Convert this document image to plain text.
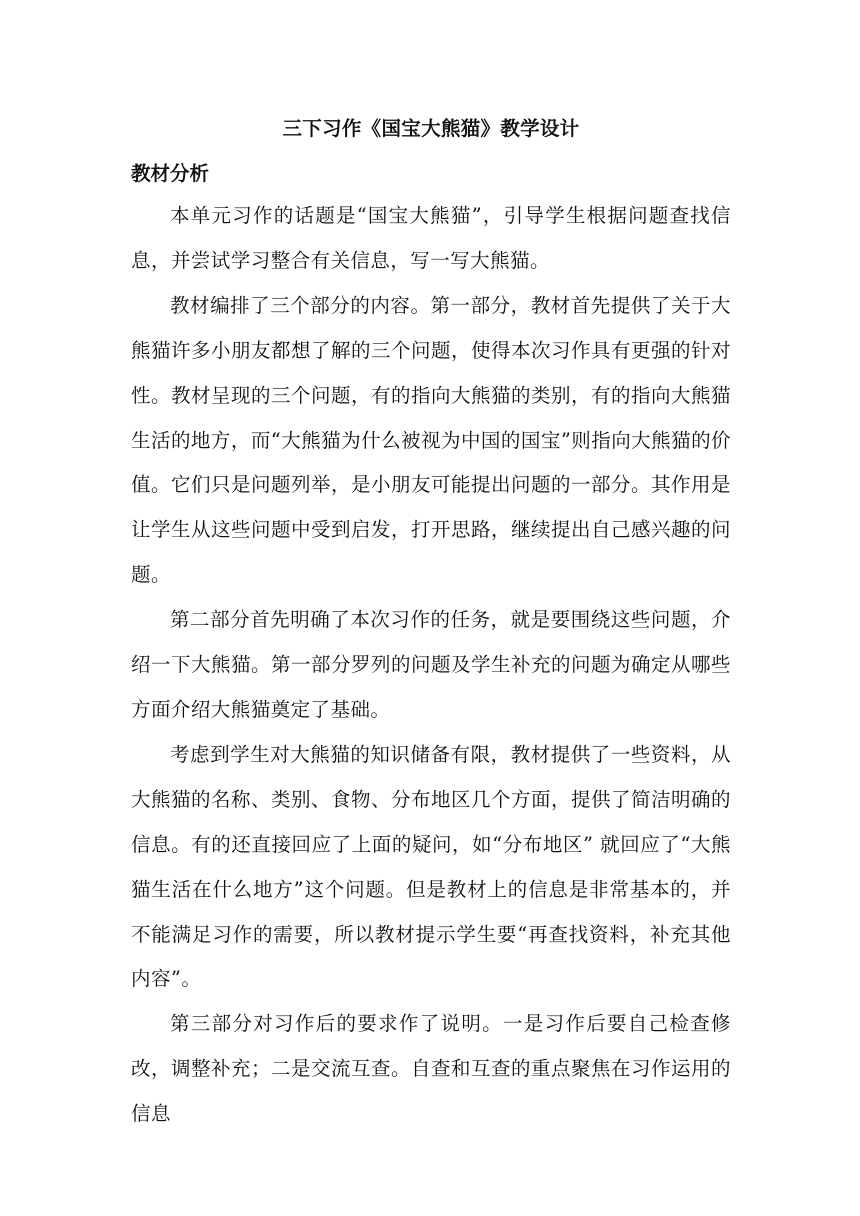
三下习作《国宝大熊猫》教学设计
教材分析

本单元习作的话题是“国宝大熊猫”，引导学生根据问题查找信息，并尝试学习整合有关信息，写一写大熊猫。

教材编排了三个部分的内容。第一部分，教材首先提供了关于大熊猫许多小朋友都想了解的三个问题，使得本次习作具有更强的针对性。教材呈现的三个问题，有的指向大熊猫的类别，有的指向大熊猫生活的地方，而“大熊猫为什么被视为中国的国宝”则指向大熊猫的价值。它们只是问题列举，是小朋友可能提出问题的一部分。其作用是让学生从这些问题中受到启发，打开思路，继续提出自己感兴趣的问题。

第二部分首先明确了本次习作的任务，就是要围绕这些问题，介绍一下大熊猫。第一部分罗列的问题及学生补充的问题为确定从哪些方面介绍大熊猫奠定了基础。

考虑到学生对大熊猫的知识储备有限，教材提供了一些资料，从大熊猫的名称、类别、食物、分布地区几个方面，提供了简洁明确的信息。有的还直接回应了上面的疑问，如“分布地区” 就回应了“大熊猫生活在什么地方”这个问题。但是教材上的信息是非常基本的，并不能满足习作的需要，所以教材提示学生要“再查找资料，补充其他内容”。

第三部分对习作后的要求作了说明。一是习作后要自己检查修改，调整补充；二是交流互查。自查和互查的重点聚焦在习作运用的信息
